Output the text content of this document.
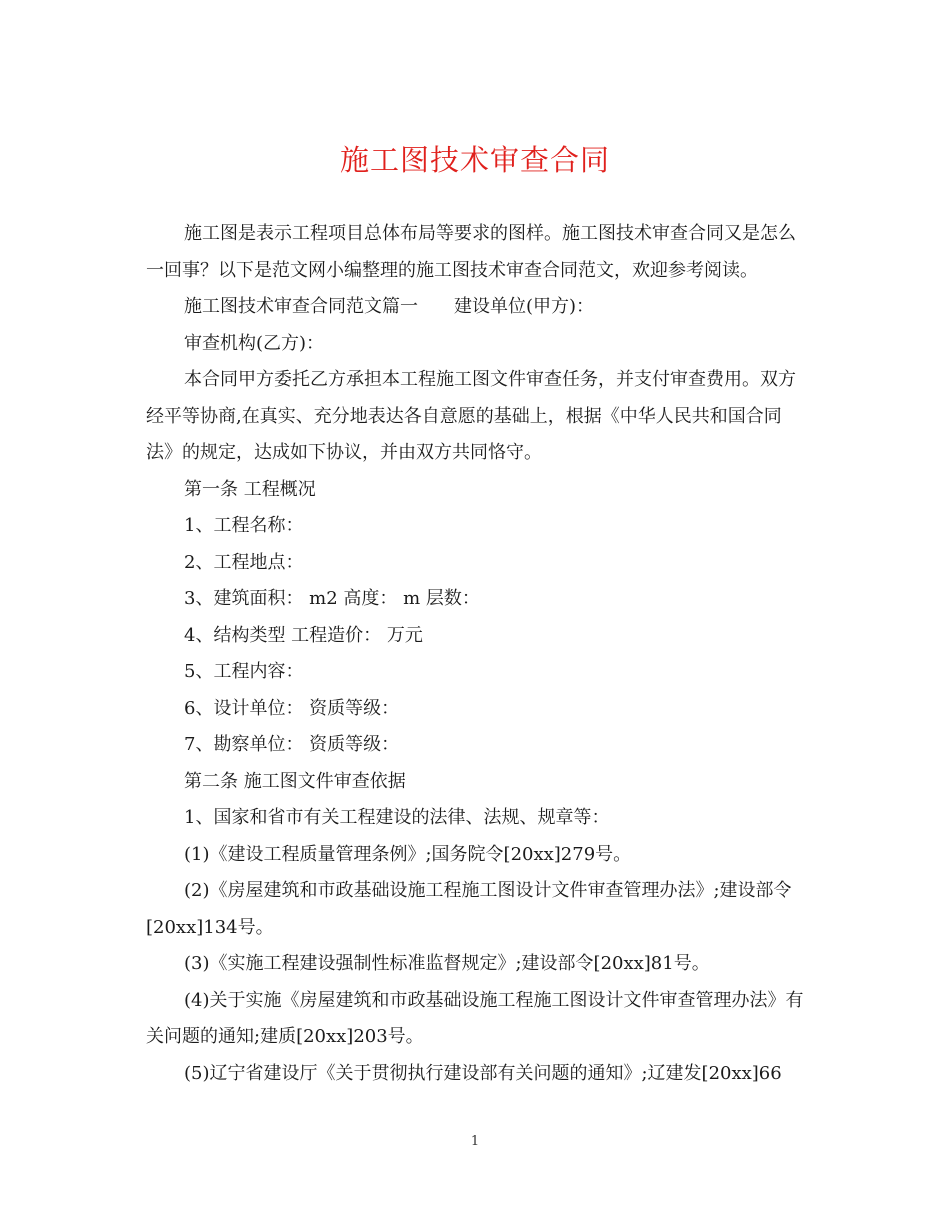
施工图技术审查合同

施工图是表示工程项目总体布局等要求的图样。施工图技术审查合同又是怎么一回事？以下是范文网小编整理的施工图技术审查合同范文，欢迎参考阅读。

施工图技术审查合同范文篇一　　建设单位(甲方)：

审查机构(乙方)：

本合同甲方委托乙方承担本工程施工图文件审查任务，并支付审查费用。双方经平等协商,在真实、充分地表达各自意愿的基础上，根据《中华人民共和国合同法》的规定，达成如下协议，并由双方共同恪守。

第一条 工程概况

1、工程名称：

2、工程地点：

3、建筑面积： m2 高度： m 层数：

4、结构类型 工程造价： 万元

5、工程内容：

6、设计单位： 资质等级：

7、勘察单位： 资质等级：

第二条 施工图文件审查依据

1、国家和省市有关工程建设的法律、法规、规章等：

(1)《建设工程质量管理条例》;国务院令[20xx]279号。

(2)《房屋建筑和市政基础设施工程施工图设计文件审查管理办法》;建设部令[20xx]134号。

(3)《实施工程建设强制性标准监督规定》;建设部令[20xx]81号。

(4)关于实施《房屋建筑和市政基础设施工程施工图设计文件审查管理办法》有关问题的通知;建质[20xx]203号。

(5)辽宁省建设厅《关于贯彻执行建设部有关问题的通知》;辽建发[20xx]66

1
